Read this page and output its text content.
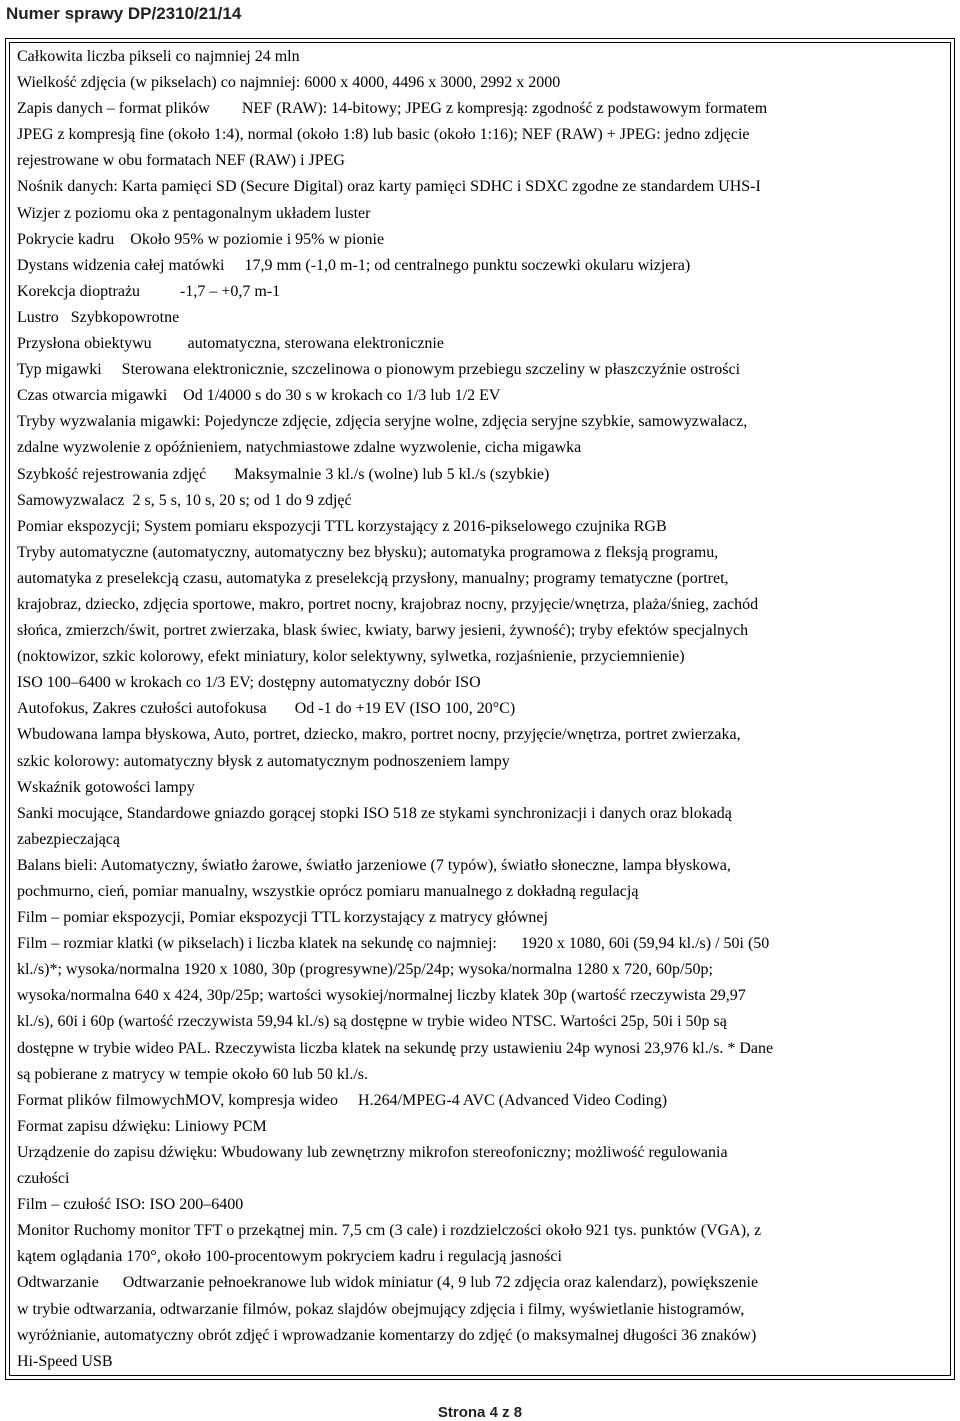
Numer sprawy DP/2310/21/14
Całkowita liczba pikseli co najmniej 24 mln
Wielkość zdjęcia (w pikselach) co najmniej: 6000 x 4000, 4496 x 3000, 2992 x 2000
Zapis danych – format plików        NEF (RAW): 14-bitowy; JPEG z kompresją: zgodność z podstawowym formatem
JPEG z kompresją fine (około 1:4), normal (około 1:8) lub basic (około 1:16); NEF (RAW) + JPEG: jedno zdjęcie
rejestrowane w obu formatach NEF (RAW) i JPEG
Nośnik danych: Karta pamięci SD (Secure Digital) oraz karty pamięci SDHC i SDXC zgodne ze standardem UHS-I
Wizjer z poziomu oka z pentagonalnym układem luster
Pokrycie kadru    Około 95% w poziomie i 95% w pionie
Dystans widzenia całej matówki     17,9 mm (-1,0 m-1; od centralnego punktu soczewki okularu wizjera)
Korekcja dioptrażu          -1,7 – +0,7 m-1
Lustro   Szybkopowrotne
Przysłona obiektywu         automatyczna, sterowana elektronicznie
Typ migawki     Sterowana elektronicznie, szczelinowa o pionowym przebiegu szczeliny w płaszczyźnie ostrości
Czas otwarcia migawki    Od 1/4000 s do 30 s w krokach co 1/3 lub 1/2 EV
Tryby wyzwalania migawki: Pojedyncze zdjęcie, zdjęcia seryjne wolne, zdjęcia seryjne szybkie, samowyzwalacz,
zdalne wyzwolenie z opóźnieniem, natychmiastowe zdalne wyzwolenie, cicha migawka
Szybkość rejestrowania zdjęć       Maksymalnie 3 kl./s (wolne) lub 5 kl./s (szybkie)
Samowyzwalacz  2 s, 5 s, 10 s, 20 s; od 1 do 9 zdjęć
Pomiar ekspozycji; System pomiaru ekspozycji TTL korzystający z 2016-pikselowego czujnika RGB
Tryby automatyczne (automatyczny, automatyczny bez błysku); automatyka programowa z fleksją programu,
automatyka z preselekcją czasu, automatyka z preselekcją przysłony, manualny; programy tematyczne (portret,
krajobraz, dziecko, zdjęcia sportowe, makro, portret nocny, krajobraz nocny, przyjęcie/wnętrza, plaża/śnieg, zachód
słońca, zmierzch/świt, portret zwierzaka, blask świec, kwiaty, barwy jesieni, żywność); tryby efektów specjalnych
(noktowizor, szkic kolorowy, efekt miniatury, kolor selektywny, sylwetka, rozjaśnienie, przyciemnienie)
ISO 100–6400 w krokach co 1/3 EV; dostępny automatyczny dobór ISO
Autofokus, Zakres czułości autofokusa       Od -1 do +19 EV (ISO 100, 20°C)
Wbudowana lampa błyskowa, Auto, portret, dziecko, makro, portret nocny, przyjęcie/wnętrza, portret zwierzaka,
szkic kolorowy: automatyczny błysk z automatycznym podnoszeniem lampy
Wskaźnik gotowości lampy
Sanki mocujące, Standardowe gniazdo gorącej stopki ISO 518 ze stykami synchronizacji i danych oraz blokadą
zabezpieczającą
Balans bieli: Automatyczny, światło żarowe, światło jarzeniowe (7 typów), światło słoneczne, lampa błyskowa,
pochmurno, cień, pomiar manualny, wszystkie oprócz pomiaru manualnego z dokładną regulacją
Film – pomiar ekspozycji, Pomiar ekspozycji TTL korzystający z matrycy głównej
Film – rozmiar klatki (w pikselach) i liczba klatek na sekundę co najmniej:      1920 x 1080, 60i (59,94 kl./s) / 50i (50
kl./s)*; wysoka/normalna 1920 x 1080, 30p (progresywne)/25p/24p; wysoka/normalna 1280 x 720, 60p/50p;
wysoka/normalna 640 x 424, 30p/25p; wartości wysokiej/normalnej liczby klatek 30p (wartość rzeczywista 29,97
kl./s), 60i i 60p (wartość rzeczywista 59,94 kl./s) są dostępne w trybie wideo NTSC. Wartości 25p, 50i i 50p są
dostępne w trybie wideo PAL. Rzeczywista liczba klatek na sekundę przy ustawieniu 24p wynosi 23,976 kl./s. * Dane
są pobierane z matrycy w tempie około 60 lub 50 kl./s.
Format plików filmowychMOV, kompresja wideo     H.264/MPEG-4 AVC (Advanced Video Coding)
Format zapisu dźwięku: Liniowy PCM
Urządzenie do zapisu dźwięku: Wbudowany lub zewnętrzny mikrofon stereofoniczny; możliwość regulowania
czułości
Film – czułość ISO: ISO 200–6400
Monitor Ruchomy monitor TFT o przekątnej min. 7,5 cm (3 cale) i rozdzielczości około 921 tys. punktów (VGA), z
kątem oglądania 170°, około 100-procentowym pokryciem kadru i regulacją jasności
Odtwarzanie      Odtwarzanie pełnoekranowe lub widok miniatur (4, 9 lub 72 zdjęcia oraz kalendarz), powiększenie
w trybie odtwarzania, odtwarzanie filmów, pokaz slajdów obejmujący zdjęcia i filmy, wyświetlanie histogramów,
wyróżnianie, automatyczny obrót zdjęć i wprowadzanie komentarzy do zdjęć (o maksymalnej długości 36 znaków)
Hi-Speed USB
Strona 4 z 8
